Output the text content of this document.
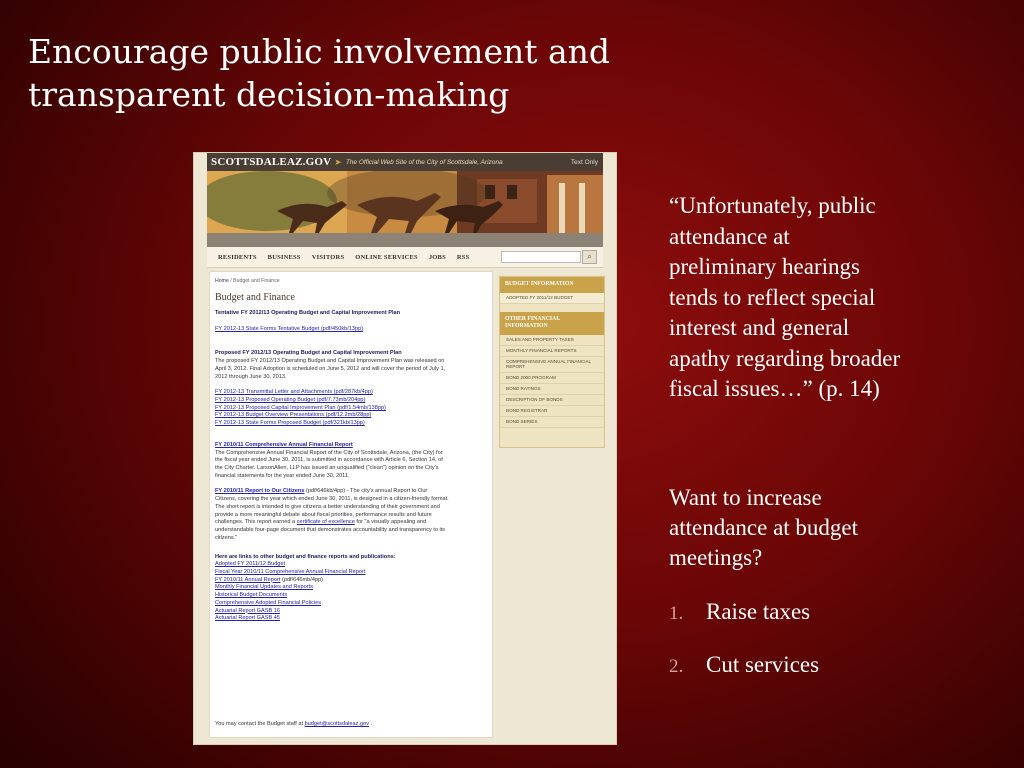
Encourage public involvement and
transparent decision-making
SCOTTSDALEAZ.GOV ➤ The Official Web Site of the City of Scottsdale, Arizona	Text Only
RESIDENTS BUSINESS VISITORS ONLINE SERVICES JOBS RSS	⌕
Home / Budget and Finance
Budget and Finance
Tentative FY 2012/13 Operating Budget and Capital Improvement Plan
FY 2012-13 State Forms Tentative Budget (pdf/450kb/13pp)
Proposed FY 2012/13 Operating Budget and Capital Improvement Plan
The proposed FY 2012/13 Operating Budget and Capital Improvement Plan was released on
April 3, 2012. Final Adoption is scheduled on June 5, 2012 and will cover the period of July 1,
2012 through June 30, 2013.
FY 2012-13 Transmittal Letter and Attachments (pdf/287kb/4pp)
FY 2012-13 Proposed Operating Budget (pdf/7.73mb/204pp)
FY 2012-13 Proposed Capital Improvement Plan (pdf/1.54mb/138pp)
FY 2012-13 Budget Overview Presentations (pdf/12.2mb/28pp)
FY 2012-13 State Forms Proposed Budget (pdf/321kb/13pp)
FY 2010/11 Comprehensive Annual Financial Report
The Comprehensive Annual Financial Report of the City of Scottsdale, Arizona, (the City) for
the fiscal year ended June 30, 2011, is submitted in accordance with Article 6, Section 14, of
the City Charter. LarsonAllen, LLP has issued an unqualified ("clean") opinion on the City's
financial statements for the year ended June 30, 2011.
FY 2010/11 Report to Our Citizens (pdf/646kb/4pp) - The city's annual Report to Our
Citizens, covering the year which ended June 30, 2011, is designed in a citizen-friendly format.
The short report is intended to give citizens a better understanding of their government and
provide a more meaningful debate about fiscal priorities, performance results and future
challenges. This report earned a certificate of excellence for "a visually appealing and
understandable four-page document that demonstrates accountability and transparency to its
citizens."
Here are links to other budget and finance reports and publications:
Adopted FY 2011/12 Budget
Fiscal Year 2010/11 Comprehensive Annual Financial Report
FY 2010/11 Annual Report (pdf/646mb/4pp)
Monthly Financial Updates and Reports
Historical Budget Documents
Comprehensive Adopted Financial Policies
Actuarial Report GASB 16
Actuarial Report GASB 45
You may contact the Budget staff at budget@scottsdaleaz.gov .
BUDGET INFORMATION
ADOPTED FY 2011/12 BUDGET
OTHER FINANCIAL INFORMATION
SALES AND PROPERTY TAXES
MONTHLY FINANCIAL REPORTS
COMPREHENSIVE ANNUAL FINANCIAL REPORT
BOND 2000 PROGRAM
BOND RATINGS
DESCRIPTION OF BONDS
BOND REGISTRAR
BOND SERIES

“Unfortunately, public
attendance at
preliminary hearings
tends to reflect special
interest and general
apathy regarding broader
fiscal issues…” (p. 14)

Want to increase
attendance at budget
meetings?

1. Raise taxes
2. Cut services
